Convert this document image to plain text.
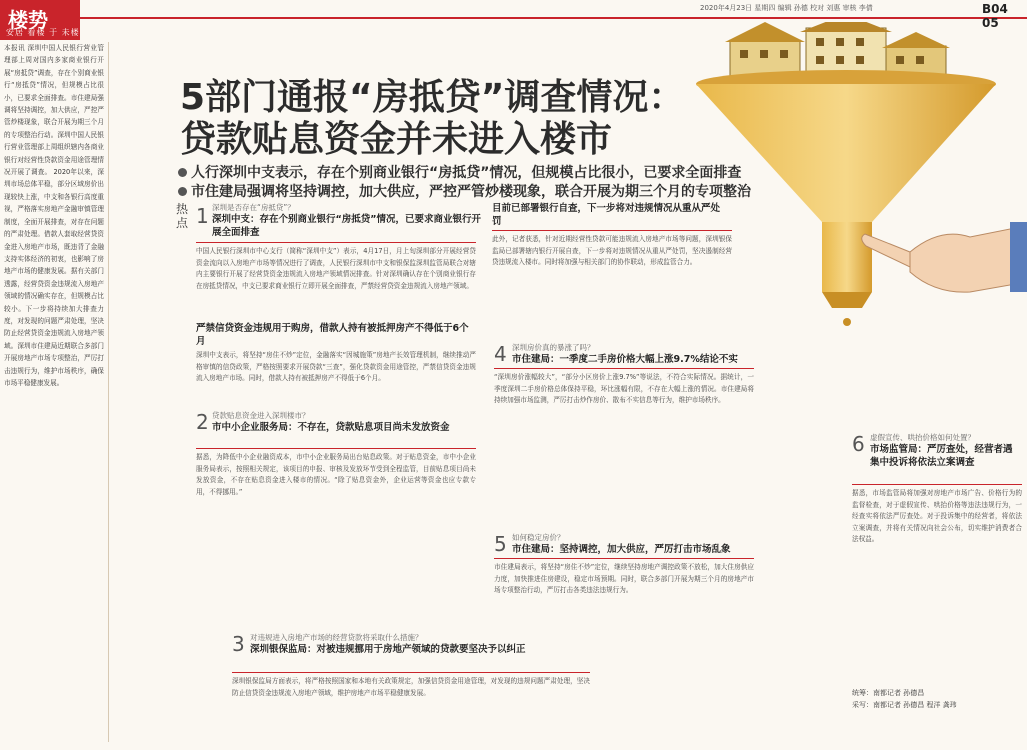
楼势
安居 看楼 于 未楼
2020年4月23日 星期四 编辑 孙德 校对 刘惠 审核 李倩	B04 05
本报讯 深圳中国人民银行营业管理部上周对国内多家商业银行开展“房抵贷”调查，存在个别商业银行“房抵贷”情况，但规模占比很小，已要求全面排查。市住建局强调将坚持调控，加大供应，严控严管炒楼现象，联合开展为期三个月的专项整治行动。深圳中国人民银行营业管理部上周组织辖内各商业银行对经营性贷款资金用途管理情况开展了调查。 2020年以来，深圳市场总体平稳，部分区域房价出现较快上涨，中支和各银行高度重视，严格落实房地产金融审慎管理制度，全面开展排查，对存在问题的严肃处理。借款人套取经营贷资金进入房地产市场，既违背了金融支持实体经济的初衷，也影响了房地产市场的健康发展。据有关部门透露，经营贷资金违规流入房地产领域的情况确实存在，但规模占比较小。下一步将持续加大排查力度，对发现的问题严肃处理，坚决防止经营贷资金违规流入房地产领域。深圳市住建局近期联合多部门开展房地产市场专项整治，严厉打击违规行为，维护市场秩序，确保市场平稳健康发展。
5部门通报“房抵贷”调查情况：
贷款贴息资金并未进入楼市
人行深圳中支表示，存在个别商业银行“房抵贷”情况，但规模占比很小，已要求全面排查
市住建局强调将坚持调控，加大供应，严控严管炒楼现象，联合开展为期三个月的专项整治
热点 1 深圳是否存在“房抵贷”？
深圳中支：存在个别商业银行“房抵贷”情况，已要求商业银行开展全面排查
中国人民银行深圳市中心支行（简称“深圳中支”）表示，4月17日，月上旬深圳部分开展经营贷资金流向以入房地产市场等情况进行了调查，人民银行深圳市中支和银保监深圳监管局联合对辖内主要银行开展了经营贷资金违规流入房地产领域情况排查。针对深圳确认存在个别商业银行存在房抵贷情况，中支已要求商业银行立即开展全面排查，严禁经营贷资金违规流入房地产领域。
严禁信贷资金违规用于购房，借款人持有被抵押房产不得低于6个月
深圳中支表示，将坚持“房住不炒”定位，金融落实“因城施策”房地产长效管理机制，继续推动严格审慎的信贷政策，严格按照要求开展贷款“三查”，强化贷款资金用途管控，严禁信贷资金违规流入房地产市场。同时，借款人持有被抵押房产不得低于6个月。
2 贷款贴息资金进入深圳楼市？
市中小企业服务局：不存在，贷款贴息项目尚未发放资金
据悉，为降低中小企业融资成本，市中小企业服务局出台贴息政策。对于贴息资金，市中小企业服务局表示，按照相关规定，该项目的申报、审核及发放环节受到全程监管，目前贴息项目尚未发放资金，不存在贴息资金进入楼市的情况。“除了贴息资金外，企业运营等资金也应专款专用，不得挪用。”
3 对违规进入房地产市场的经营贷款将采取什么措施？
深圳银保监局：对被违规挪用于房地产领域的贷款要坚决予以纠正
深圳银保监局方面表示，将严格按照国家和本地有关政策规定，加强信贷资金用途管理，对发现的违规问题严肃处理，坚决防止信贷资金违规流入房地产领域，维护房地产市场平稳健康发展。
目前已部署银行自查，下一步将对违规情况从重从严处罚
此外，记者获悉，针对近期经营性贷款可能违规流入房地产市场等问题，深圳银保监局已部署辖内银行开展自查，下一步将对违规情况从重从严处罚，坚决遏制经营贷违规流入楼市。同时将加强与相关部门的协作联动，形成监管合力。
4 深圳房价真的暴涨了吗？
市住建局：一季度二手房价格大幅上涨9.7%结论不实
“深圳房价涨幅较大”，“部分小区房价上涨9.7%”等说法，不符合实际情况。据统计，一季度深圳二手房价格总体保持平稳，环比涨幅有限，不存在大幅上涨的情况。市住建局将持续加强市场监测，严厉打击炒作房价、散布不实信息等行为，维护市场秩序。
5 如何稳定房价？
市住建局：坚持调控，加大供应，严厉打击市场乱象
市住建局表示，将坚持“房住不炒”定位，继续坚持房地产调控政策不放松，加大住房供应力度，加快推进住房建设，稳定市场预期。同时，联合多部门开展为期三个月的房地产市场专项整治行动，严厉打击各类违法违规行为。
6 虚假宣传、哄抬价格如何处置？
市场监管局：严厉查处，经营者遇集中投诉将依法立案调查
据悉，市场监管局将加强对房地产市场广告、价格行为的监督检查，对于虚假宣传、哄抬价格等违法违规行为，一经查实将依法严厉查处。对于投诉集中的经营者，将依法立案调查，并将有关情况向社会公布，切实维护消费者合法权益。
统筹：南都记者 孙德昌
采写：南都记者 孙德昌 程洋 龚玮
